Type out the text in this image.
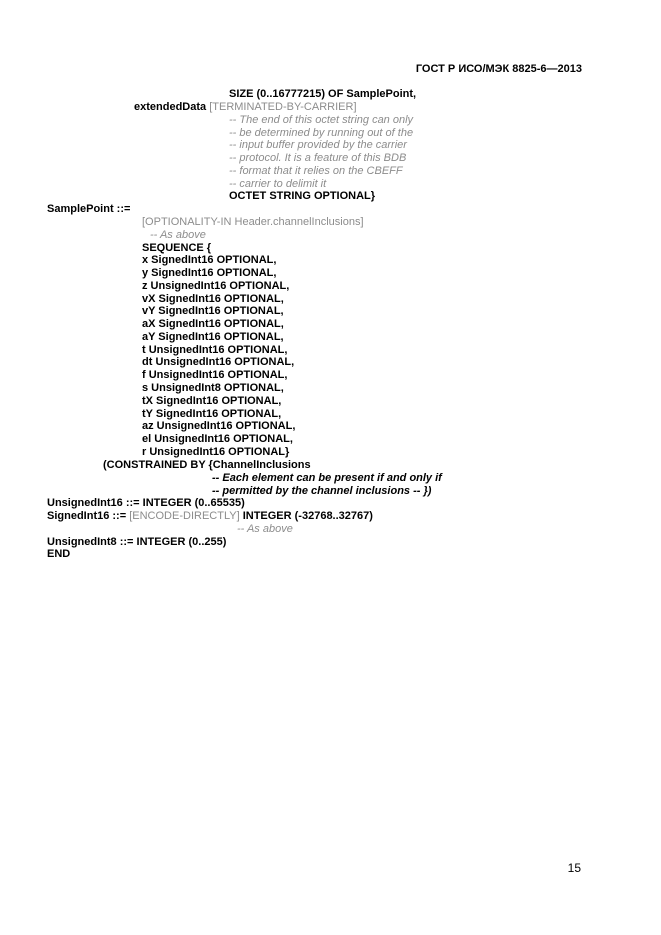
ГОСТ Р ИСО/МЭК 8825-6—2013
SIZE (0..16777215) OF SamplePoint,
extendedData [TERMINATED-BY-CARRIER]
-- The end of this octet string can only
-- be determined by running out of the
-- input buffer provided by the carrier
-- protocol. It is a feature of this BDB
-- format that it relies on the CBEFF
-- carrier to delimit it
OCTET STRING OPTIONAL}
SamplePoint ::=
[OPTIONALITY-IN Header.channelInclusions]
-- As above
SEQUENCE {
x SignedInt16 OPTIONAL,
y SignedInt16 OPTIONAL,
z UnsignedInt16 OPTIONAL,
vX SignedInt16 OPTIONAL,
vY SignedInt16 OPTIONAL,
aX SignedInt16 OPTIONAL,
aY SignedInt16 OPTIONAL,
t UnsignedInt16 OPTIONAL,
dt UnsignedInt16 OPTIONAL,
f UnsignedInt16 OPTIONAL,
s UnsignedInt8 OPTIONAL,
tX SignedInt16 OPTIONAL,
tY SignedInt16 OPTIONAL,
az UnsignedInt16 OPTIONAL,
el UnsignedInt16 OPTIONAL,
r UnsignedInt16 OPTIONAL}
(CONSTRAINED BY {ChannelInclusions
-- Each element can be present if and only if
-- permitted by the channel inclusions -- })
UnsignedInt16 ::= INTEGER (0..65535)
SignedInt16 ::= [ENCODE-DIRECTLY] INTEGER (-32768..32767)
-- As above
UnsignedInt8 ::= INTEGER (0..255)
END
15
